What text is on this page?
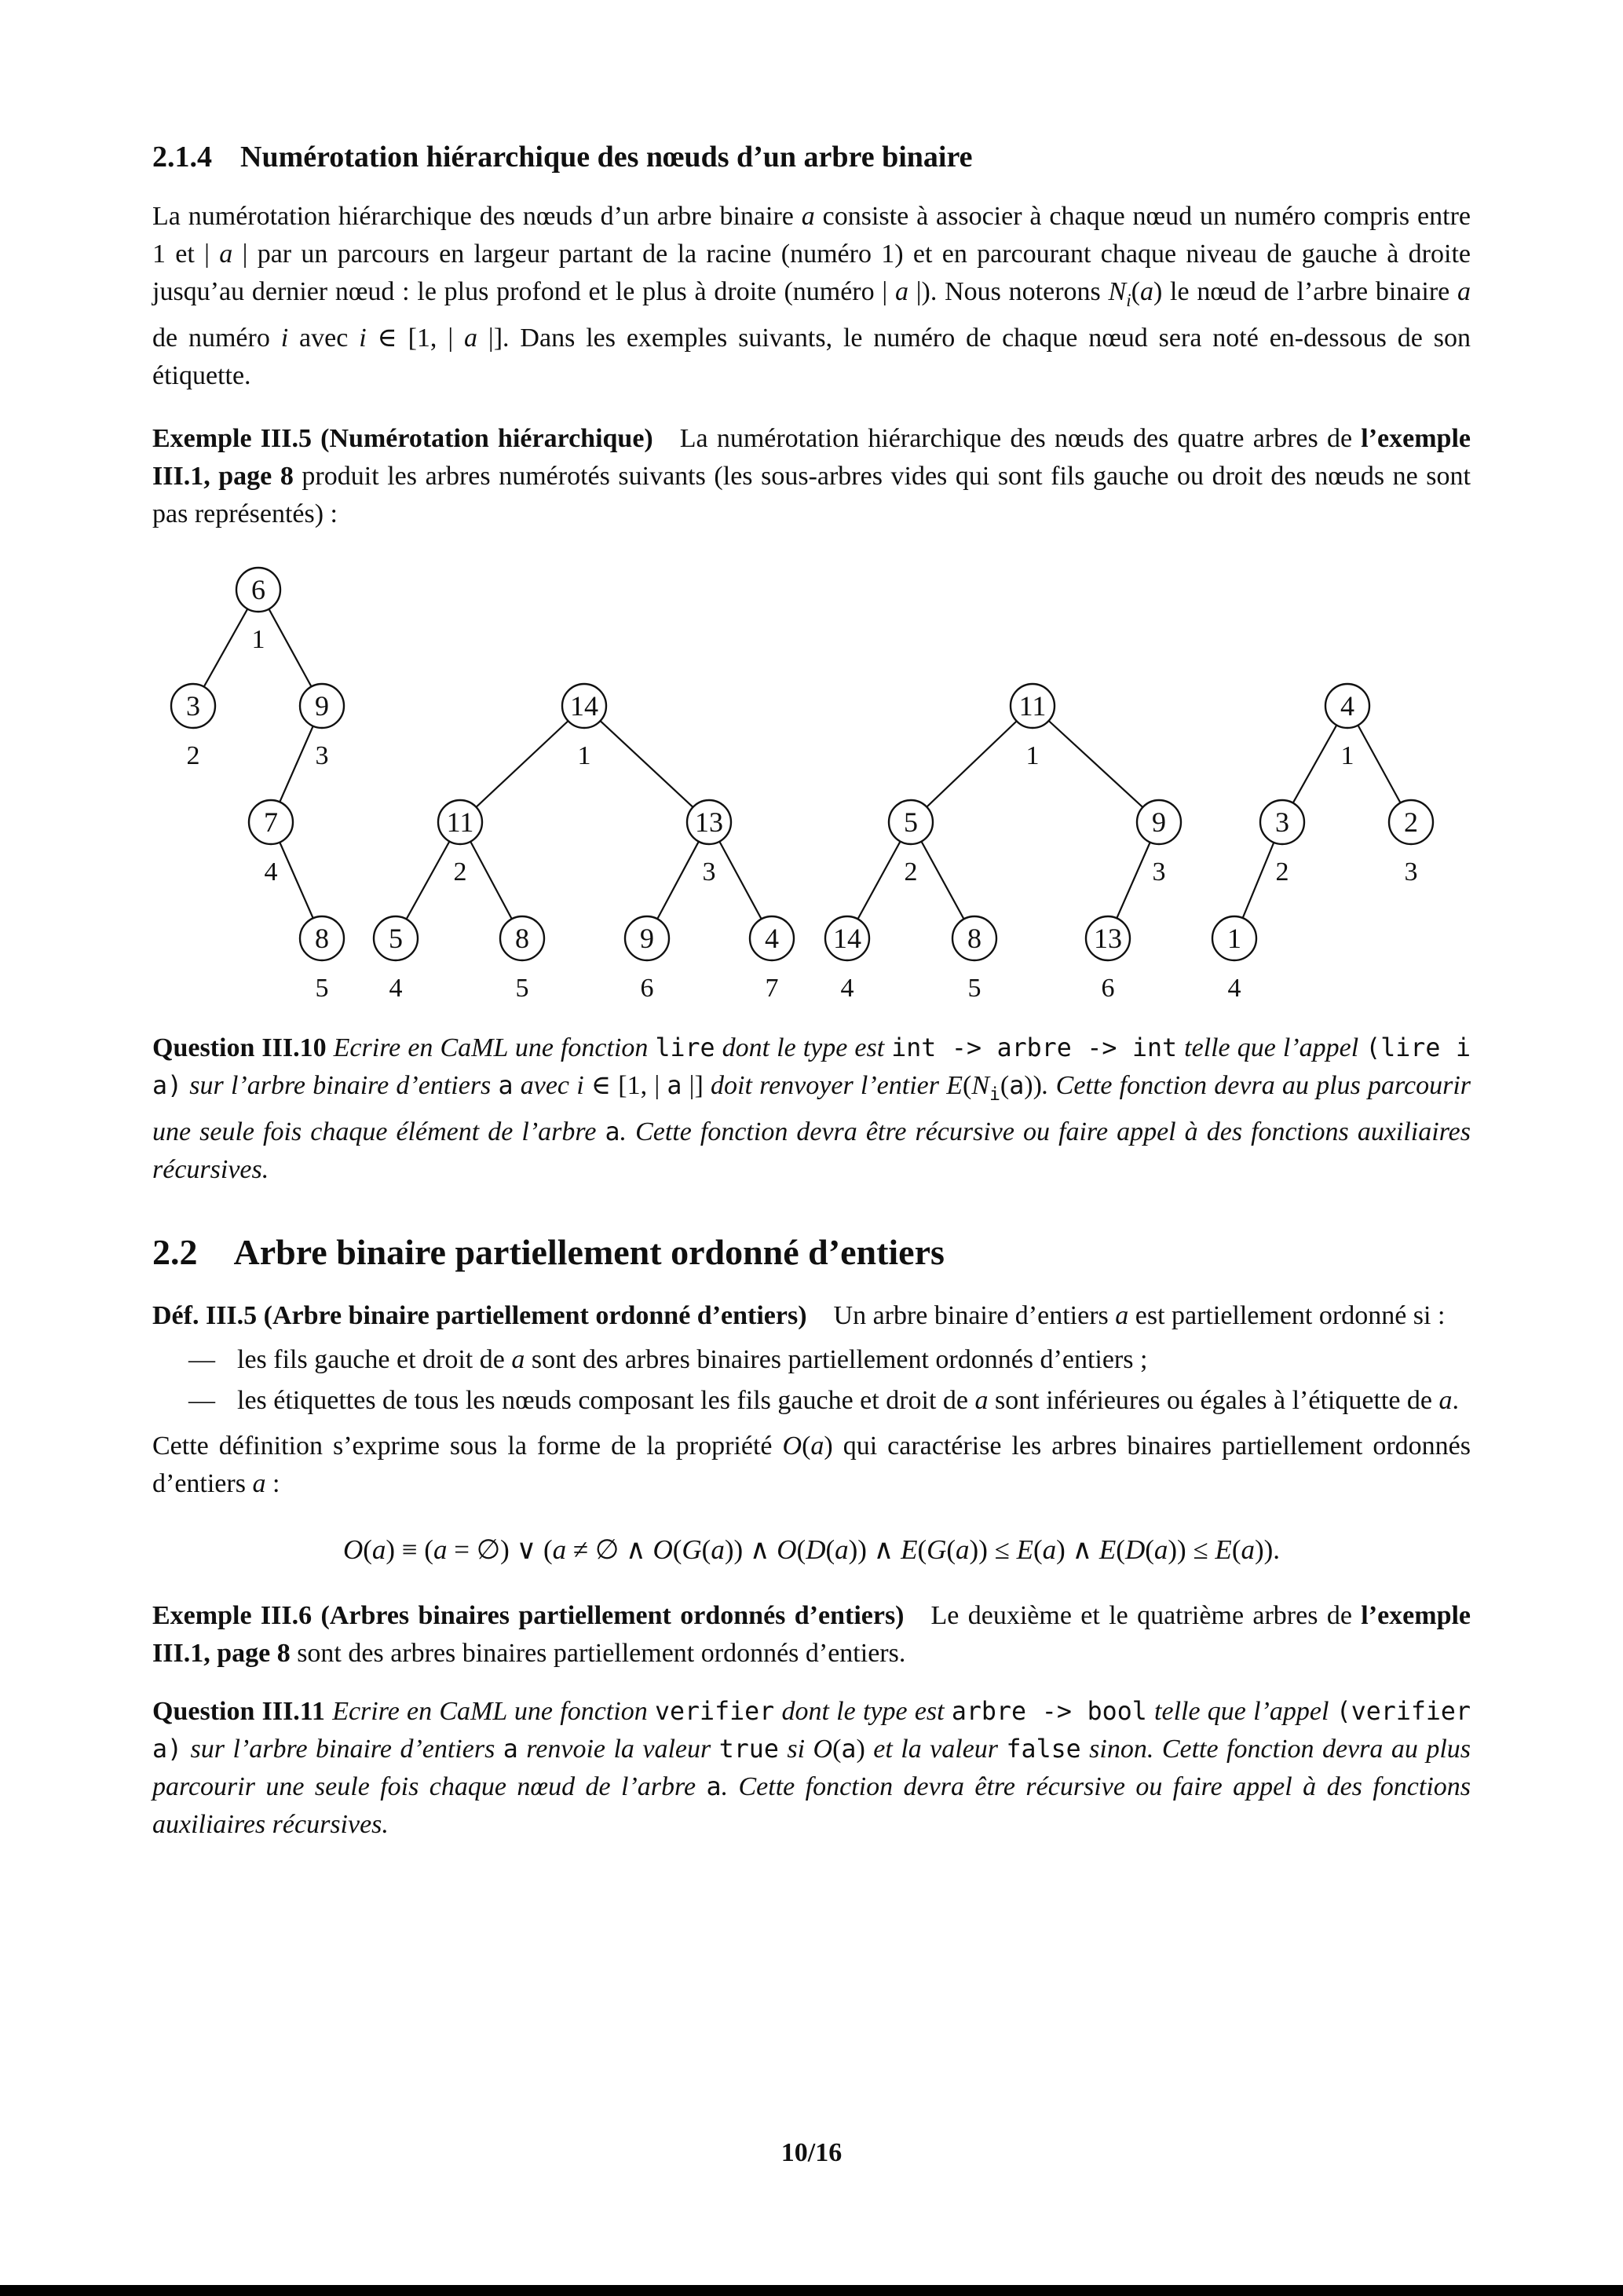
2.1.4 Numérotation hiérarchique des nœuds d’un arbre binaire
La numérotation hiérarchique des nœuds d’un arbre binaire a consiste à associer à chaque nœud un numéro compris entre 1 et | a | par un parcours en largeur partant de la racine (numéro 1) et en parcourant chaque niveau de gauche à droite jusqu’au dernier nœud : le plus profond et le plus à droite (numéro | a |). Nous noterons $N_i(a)$ le nœud de l’arbre binaire a de numéro i avec i ∈ [1, | a |]. Dans les exemples suivants, le numéro de chaque nœud sera noté en-dessous de son étiquette.
Exemple III.5 (Numérotation hiérarchique) La numérotation hiérarchique des nœuds des quatre arbres de l’exemple III.1, page 8 produit les arbres numérotés suivants (les sous-arbres vides qui sont fils gauche ou droit des nœuds ne sont pas représentés) :
6
1
3
2
9
3
7
4
8
5
14
1
11
2
13
3
5
4
8
5
9
6
4
7
11
1
5
2
9
3
14
4
8
5
13
6
4
1
3
2
2
3
1
4
Question III.10 Ecrire en CaML une fonction lire dont le type est int -> arbre -> int telle que l’appel (lire i a) sur l’arbre binaire d’entiers a avec i ∈ [1, | a |] doit renvoyer l’entier $E(N_i(a))$. Cette fonction devra au plus parcourir une seule fois chaque élément de l’arbre a. Cette fonction devra être récursive ou faire appel à des fonctions auxiliaires récursives.
2.2 Arbre binaire partiellement ordonné d’entiers
Déf. III.5 (Arbre binaire partiellement ordonné d’entiers) Un arbre binaire d’entiers a est partiellement ordonné si :
— les fils gauche et droit de a sont des arbres binaires partiellement ordonnés d’entiers ;
— les étiquettes de tous les nœuds composant les fils gauche et droit de a sont inférieures ou égales à l’étiquette de a.
Cette définition s’exprime sous la forme de la propriété O(a) qui caractérise les arbres binaires partiellement ordonnés d’entiers a :
O(a) ≡ (a = ∅) ∨ (a ≠ ∅ ∧ O(G(a)) ∧ O(D(a)) ∧ E(G(a)) ≤ E(a) ∧ E(D(a)) ≤ E(a)).
Exemple III.6 (Arbres binaires partiellement ordonnés d’entiers) Le deuxième et le quatrième arbres de l’exemple III.1, page 8 sont des arbres binaires partiellement ordonnés d’entiers.
Question III.11 Ecrire en CaML une fonction verifier dont le type est arbre -> bool telle que l’appel (verifier a) sur l’arbre binaire d’entiers a renvoie la valeur true si O(a) et la valeur false sinon. Cette fonction devra au plus parcourir une seule fois chaque nœud de l’arbre a. Cette fonction devra être récursive ou faire appel à des fonctions auxiliaires récursives.
10/16
